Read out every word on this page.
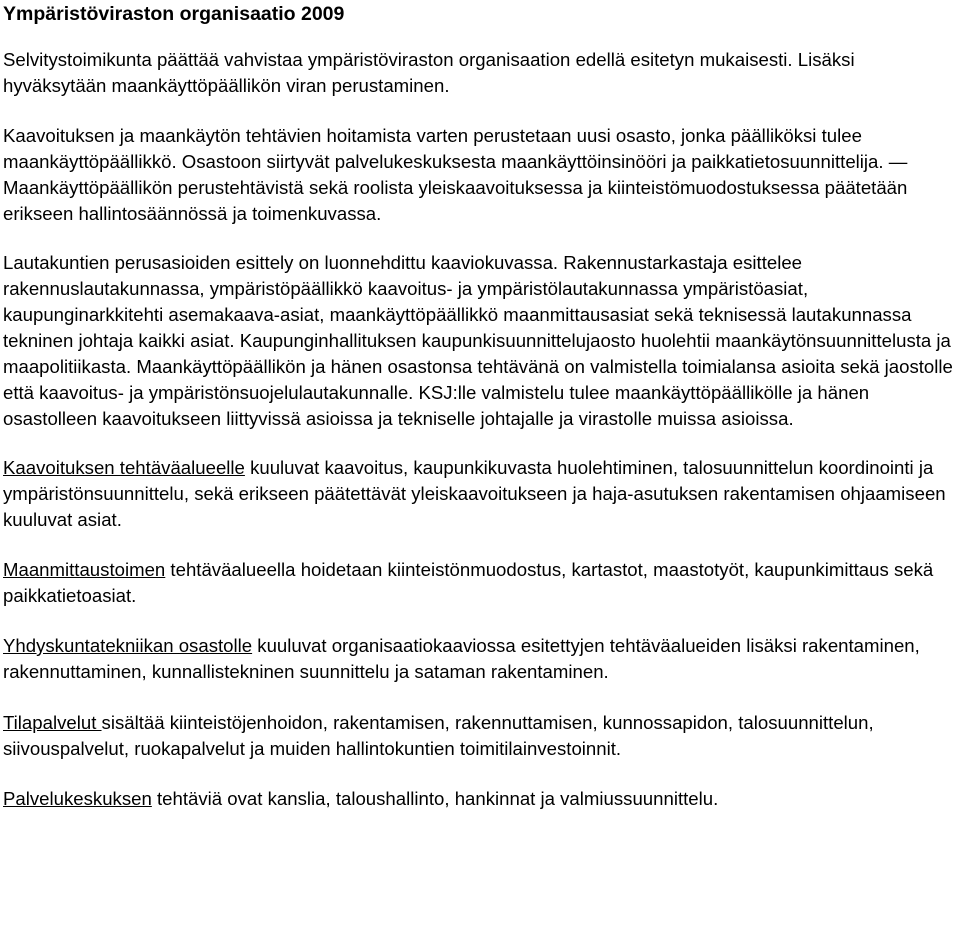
Ympäristöviraston organisaatio 2009

Selvitystoimikunta päättää vahvistaa ympäristöviraston organisaation edellä esitetyn mukaisesti. Lisäksi hyväksytään maankäyttöpäällikön viran perustaminen.

Kaavoituksen ja maankäytön tehtävien hoitamista varten perustetaan uusi osasto, jonka päälliköksi tulee maankäyttöpäällikkö. Osastoon siirtyvät palvelukeskuksesta maankäyttöinsinööri ja paikkatietosuunnittelija. — Maankäyttöpäällikön perustehtävistä sekä roolista yleiskaavoituksessa ja kiinteistömuodostuksessa päätetään erikseen hallintosäännössä ja toimenkuvassa.

Lautakuntien perusasioiden esittely on luonnehdittu kaaviokuvassa. Rakennustarkastaja esittelee rakennuslautakunnassa, ympäristöpäällikkö kaavoitus- ja ympäristölautakunnassa ympäristöasiat, kaupunginarkkitehti asemakaava-asiat, maankäyttöpäällikkö maanmittausasiat sekä teknisessä lautakunnassa tekninen johtaja kaikki asiat. Kaupunginhallituksen kaupunkisuunnittelujaosto huolehtii maankäytönsuunnittelusta ja maapolitiikasta. Maankäyttöpäällikön ja hänen osastonsa tehtävänä on valmistella toimialansa asioita sekä jaostolle että kaavoitus- ja ympäristönsuojelulautakunnalle. KSJ:lle valmistelu tulee maankäyttöpäällikölle ja hänen osastolleen kaavoitukseen liittyvissä asioissa ja tekniselle johtajalle ja virastolle muissa asioissa.

Kaavoituksen tehtäväalueelle kuuluvat kaavoitus, kaupunkikuvasta huolehtiminen, talosuunnittelun koordinointi ja ympäristönsuunnittelu, sekä erikseen päätettävät yleiskaavoitukseen ja haja-asutuksen rakentamisen ohjaamiseen kuuluvat asiat.

Maanmittaustoimen tehtäväalueella hoidetaan kiinteistönmuodostus, kartastot, maastotyöt, kaupunkimittaus sekä paikkatietoasiat.

Yhdyskuntatekniikan osastolle kuuluvat organisaatiokaaviossa esitettyjen tehtäväalueiden lisäksi rakentaminen, rakennuttaminen, kunnallistekninen suunnittelu ja sataman rakentaminen.

Tilapalvelut sisältää kiinteistöjenhoidon, rakentamisen, rakennuttamisen, kunnossapidon, talosuunnittelun, siivouspalvelut, ruokapalvelut ja muiden hallintokuntien toimitilainvestoinnit.

Palvelukeskuksen tehtäviä ovat kanslia, taloushallinto, hankinnat ja valmiussuunnittelu.
